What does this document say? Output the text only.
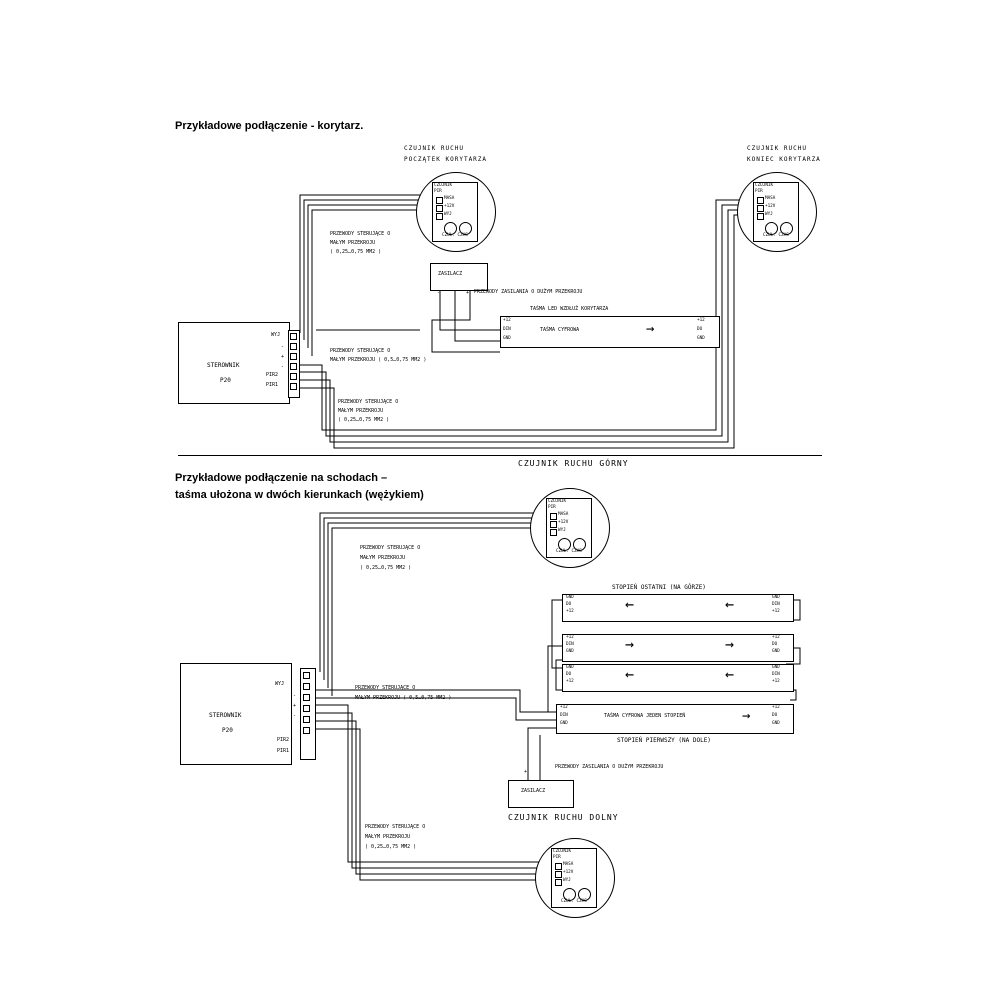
Przykładowe podłączenie - korytarz.
CZUJNIK RUCHU
POCZĄTEK KORYTARZA
CZUJNIK RUCHU
KONIEC KORYTARZA
CZUJNIK
PIR
MASA
+12V
WYJ
CZUL. CZAS
CZUJNIK
PIR
MASA
+12V
WYJ
CZUL. CZAS
PRZEWODY STERUJĄCE O
MAŁYM PRZEKROJU
( 0,25…0,75 MM2 )
ZASILACZ
-	+ PRZEWODY ZASILANIA O DUŻYM PRZEKROJU
TAŚMA LED WZDŁUŻ KORYTARZA
+12
DIN
GND
+12
DO
GND
TAŚMA CYFROWA	→
STEROWNIK
P20
WYJ
-
+
-
PIR2
PIR1
PRZEWODY STERUJĄCE O
MAŁYM PRZEKROJU ( 0,5…0,75 MM2 )
PRZEWODY STERUJĄCE O
MAŁYM PRZEKROJU
( 0,25…0,75 MM2 )
Przykładowe podłączenie na schodach –
taśma ułożona w dwóch kierunkach (wężykiem)
CZUJNIK RUCHU GÓRNY
CZUJNIK RUCHU DOLNY
CZUJNIK
PIR
MASA
+12V
WYJ
CZUL. CZAS
CZUJNIK
PIR
MASA
+12V
WYJ
CZUL. CZAS
PRZEWODY STERUJĄCE O
MAŁYM PRZEKROJU
( 0,25…0,75 MM2 )
STEROWNIK
P20
WYJ
-
+
-
PIR2
PIR1
PRZEWODY STERUJĄCE O
MAŁYM PRZEKROJU ( 0,5…0,75 MM2 )
ZASILACZ
+
PRZEWODY ZASILANIA O DUŻYM PRZEKROJU
PRZEWODY STERUJĄCE O
MAŁYM PRZEKROJU
( 0,25…0,75 MM2 )
STOPIEŃ OSTATNI (NA GÓRZE)
STOPIEŃ PIERWSZY (NA DOLE)
GND
DO
+12
GND
DIN
+12
←	←
+12
DIN
GND
+12
DO
GND
→	→
GND
DO
+12
GND
DIN
+12
←	←
+12
DIN
GND
+12
DO
GND
TAŚMA CYFROWA JEDEN STOPIEŃ	→
